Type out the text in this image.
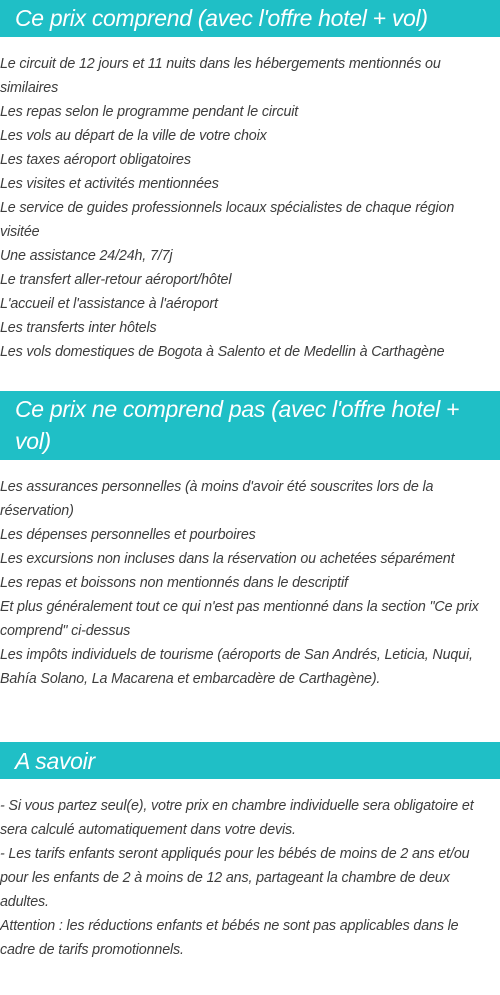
Ce prix comprend (avec l'offre hotel + vol)
Le circuit de 12 jours et 11 nuits dans les hébergements mentionnés ou similaires
Les repas selon le programme pendant le circuit
Les vols au départ de la ville de votre choix
Les taxes aéroport obligatoires
Les visites et activités mentionnées
Le service de guides professionnels locaux spécialistes de chaque région visitée
Une assistance 24/24h, 7/7j
Le transfert aller-retour aéroport/hôtel
L'accueil et l'assistance à l'aéroport
Les transferts inter hôtels
Les vols domestiques de Bogota à Salento et de Medellin à Carthagène
Ce prix ne comprend pas (avec l'offre hotel + vol)
Les assurances personnelles (à moins d'avoir été souscrites lors de la réservation)
Les dépenses personnelles et pourboires
Les excursions non incluses dans la réservation ou achetées séparément
Les repas et boissons non mentionnés dans le descriptif
Et plus généralement tout ce qui n'est pas mentionné dans la section "Ce prix comprend" ci-dessus
Les impôts individuels de tourisme (aéroports de San Andrés, Leticia, Nuqui, Bahía Solano, La Macarena et embarcadère de Carthagène).
A savoir
- Si vous partez seul(e), votre prix en chambre individuelle sera obligatoire et sera calculé automatiquement dans votre devis.
- Les tarifs enfants seront appliqués pour les bébés de moins de 2 ans et/ou pour les enfants de 2 à moins de 12 ans, partageant la chambre de deux adultes.
Attention : les réductions enfants et bébés ne sont pas applicables dans le cadre de tarifs promotionnels.
